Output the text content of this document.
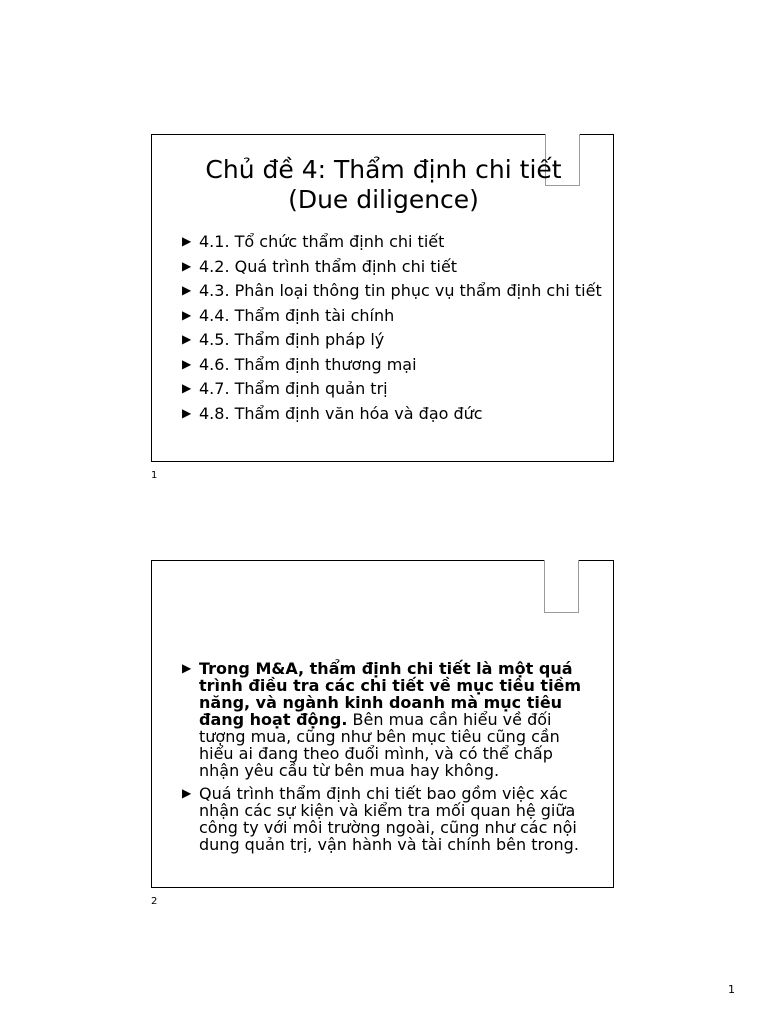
Chủ đề 4: Thẩm định chi tiết
(Due diligence)
▶ 4.1. Tổ chức thẩm định chi tiết
▶ 4.2. Quá trình thẩm định chi tiết
▶ 4.3. Phân loại thông tin phục vụ thẩm định chi tiết
▶ 4.4. Thẩm định tài chính
▶ 4.5. Thẩm định pháp lý
▶ 4.6. Thẩm định thương mại
▶ 4.7. Thẩm định quản trị
▶ 4.8. Thẩm định văn hóa và đạo đức
1
▶ Trong M&A, thẩm định chi tiết là một quá trình điều tra các chi tiết về mục tiêu tiềm năng, và ngành kinh doanh mà mục tiêu đang hoạt động. Bên mua cần hiểu về đối tượng mua, cũng như bên mục tiêu cũng cần hiểu ai đang theo đuổi mình, và có thể chấp nhận yêu cầu từ bên mua hay không.
▶ Quá trình thẩm định chi tiết bao gồm việc xác nhận các sự kiện và kiểm tra mối quan hệ giữa công ty với môi trường ngoài, cũng như các nội dung quản trị, vận hành và tài chính bên trong.
2
1
